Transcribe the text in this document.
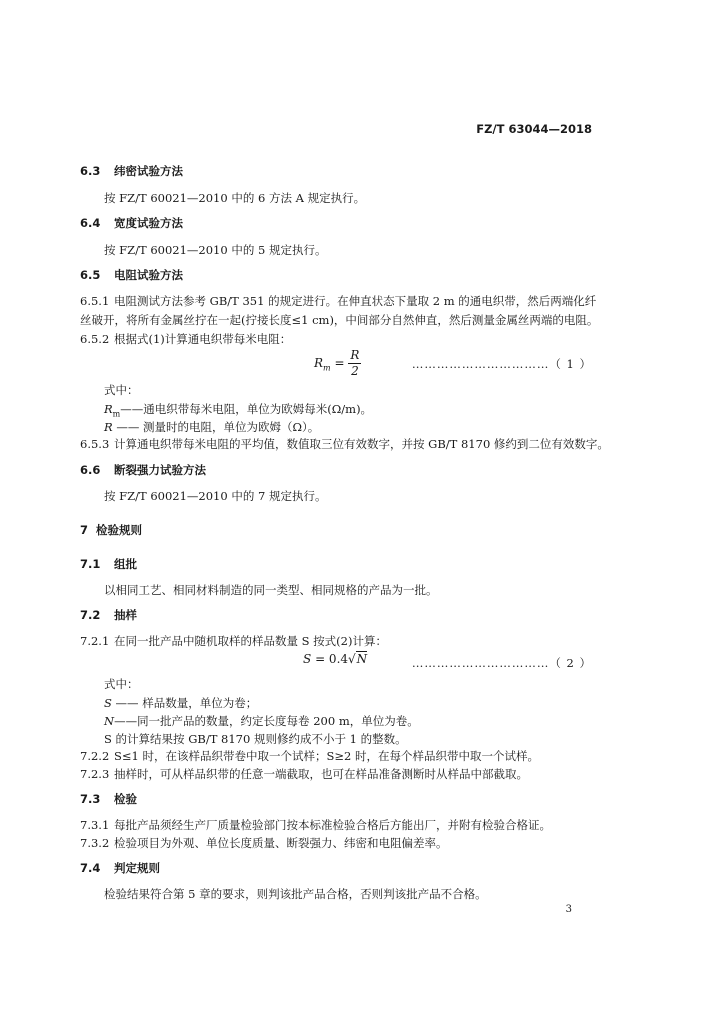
FZ/T 63044—2018
6.3 纬密试验方法
按 FZ/T 60021—2010 中的 6 方法 A 规定执行。
6.4 宽度试验方法
按 FZ/T 60021—2010 中的 5 规定执行。
6.5 电阻试验方法
6.5.1 电阻测试方法参考 GB/T 351 的规定进行。在伸直状态下量取 2 m 的通电织带，然后两端化纤
丝破开，将所有金属丝拧在一起(拧接长度≤1 cm)，中间部分自然伸直，然后测量金属丝两端的电阻。
6.5.2 根据式(1)计算通电织带每米电阻：
$R_m = \frac{R}{2}$	……………………………（ 1 ）
式中：
$R_m——$通电织带每米电阻，单位为欧姆每米(Ω/m)。
R —— 测量时的电阻，单位为欧姆（Ω）。
6.5.3 计算通电织带每米电阻的平均值，数值取三位有效数字，并按 GB/T 8170 修约到二位有效数字。
6.6 断裂强力试验方法
按 FZ/T 60021—2010 中的 7 规定执行。
7 检验规则
7.1 组批
以相同工艺、相同材料制造的同一类型、相同规格的产品为一批。
7.2 抽样
7.2.1 在同一批产品中随机取样的样品数量 S 按式(2)计算：
S = 0.4√N	……………………………（ 2 ）
式中：
S —— 样品数量，单位为卷；
N——同一批产品的数量，约定长度每卷 200 m，单位为卷。
S 的计算结果按 GB/T 8170 规则修约成不小于 1 的整数。
7.2.2 S≤1 时，在该样品织带卷中取一个试样；S≥2 时，在每个样品织带中取一个试样。
7.2.3 抽样时，可从样品织带的任意一端截取，也可在样品准备测断时从样品中部截取。
7.3 检验
7.3.1 每批产品须经生产厂质量检验部门按本标准检验合格后方能出厂，并附有检验合格证。
7.3.2 检验项目为外观、单位长度质量、断裂强力、纬密和电阻偏差率。
7.4 判定规则
检验结果符合第 5 章的要求，则判该批产品合格，否则判该批产品不合格。
3
